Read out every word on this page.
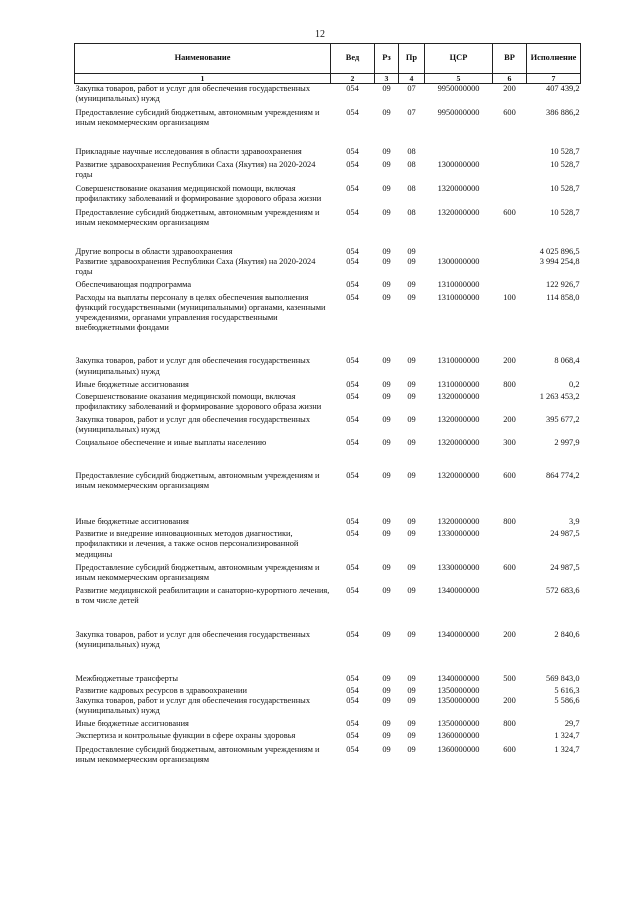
12
Наименование	Вед	Рз	Пр	ЦСР	ВР	Исполнение
1	2	3	4	5	6	7
Закупка товаров, работ и услуг для обеспечения государственных (муниципальных) нужд	054	09	07	9950000000	200	407 439,2
Предоставление субсидий бюджетным, автономным учреждениям и иным некоммерческим организациям	054	09	07	9950000000	600	386 886,2
Прикладные научные исследования в области здравоохранения	054	09	08			10 528,7
Развитие здравоохранения Республики Саха (Якутия) на 2020-2024 годы	054	09	08	1300000000		10 528,7
Совершенствование оказания медицинской помощи, включая профилактику заболеваний и формирование здорового образа жизни	054	09	08	1320000000		10 528,7
Предоставление субсидий бюджетным, автономным учреждениям и иным некоммерческим организациям	054	09	08	1320000000	600	10 528,7
Другие вопросы в области здравоохранения	054	09	09			4 025 896,5
Развитие здравоохранения Республики Саха (Якутия) на 2020-2024 годы	054	09	09	1300000000		3 994 254,8
Обеспечивающая подпрограмма	054	09	09	1310000000		122 926,7
Расходы на выплаты персоналу в целях обеспечения выполнения функций государственными (муниципальными) органами, казенными учреждениями, органами управления государственными внебюджетными фондами	054	09	09	1310000000	100	114 858,0
Закупка товаров, работ и услуг для обеспечения государственных (муниципальных) нужд	054	09	09	1310000000	200	8 068,4
Иные бюджетные ассигнования	054	09	09	1310000000	800	0,2
Совершенствование оказания медицинской помощи, включая профилактику заболеваний и формирование здорового образа жизни	054	09	09	1320000000		1 263 453,2
Закупка товаров, работ и услуг для обеспечения государственных (муниципальных) нужд	054	09	09	1320000000	200	395 677,2
Социальное обеспечение и иные выплаты населению	054	09	09	1320000000	300	2 997,9
Предоставление субсидий бюджетным, автономным учреждениям и иным некоммерческим организациям	054	09	09	1320000000	600	864 774,2
Иные бюджетные ассигнования	054	09	09	1320000000	800	3,9
Развитие и внедрение инновационных методов диагностики, профилактики и лечения, а также основ персонализированной медицины	054	09	09	1330000000		24 987,5
Предоставление субсидий бюджетным, автономным учреждениям и иным некоммерческим организациям	054	09	09	1330000000	600	24 987,5
Развитие медицинской реабилитации и санаторно-курортного лечения, в том числе детей	054	09	09	1340000000		572 683,6
Закупка товаров, работ и услуг для обеспечения государственных (муниципальных) нужд	054	09	09	1340000000	200	2 840,6
Межбюджетные трансферты	054	09	09	1340000000	500	569 843,0
Развитие кадровых ресурсов в здравоохранении	054	09	09	1350000000		5 616,3
Закупка товаров, работ и услуг для обеспечения государственных (муниципальных) нужд	054	09	09	1350000000	200	5 586,6
Иные бюджетные ассигнования	054	09	09	1350000000	800	29,7
Экспертиза и контрольные функции в сфере охраны здоровья	054	09	09	1360000000		1 324,7
Предоставление субсидий бюджетным, автономным учреждениям и иным некоммерческим организациям	054	09	09	1360000000	600	1 324,7
